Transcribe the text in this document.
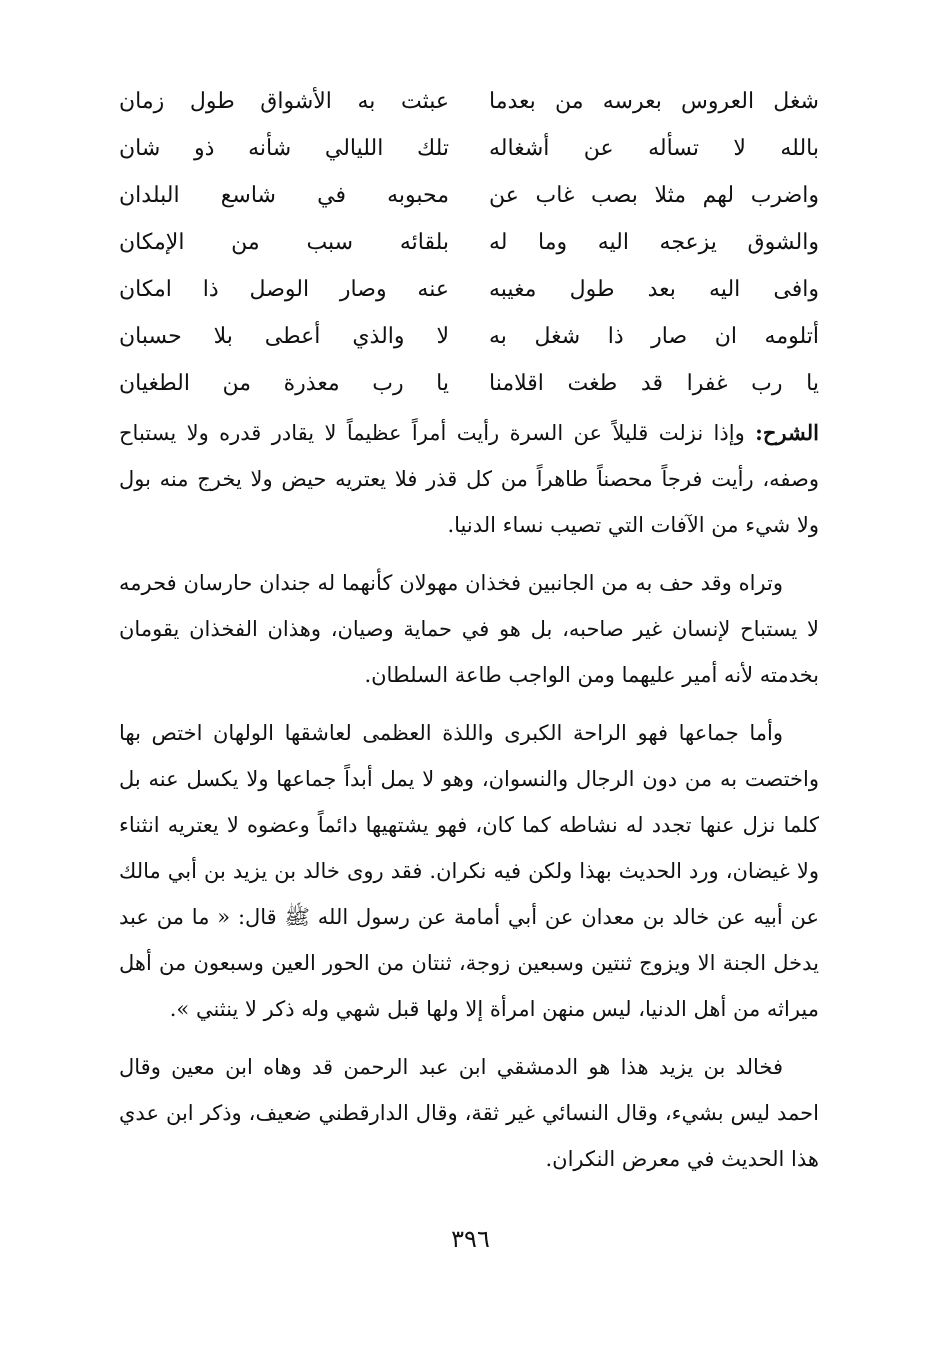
شغل العروس بعرسه من بعدما
بالله لا تسأله عن أشغاله
واضرب لهم مثلا بصب غاب عن
والشوق يزعجه اليه وما له
وافى اليه بعد طول مغيبه
أتلومه ان صار ذا شغل به
يا رب غفرا قد طغت اقلامنا
عبثت به الأشواق طول زمان
تلك الليالي شأنه ذو شان
محبوبه في شاسع البلدان
بلقائه سبب من الإمكان
عنه وصار الوصل ذا امكان
لا والذي أعطى بلا حسبان
يا رب معذرة من الطغيان

الشرح: وإذا نزلت قليلاً عن السرة رأيت أمراً عظيماً لا يقادر قدره ولا يستباح وصفه، رأيت فرجاً محصناً طاهراً من كل قذر فلا يعتريه حيض ولا يخرج منه بول ولا شيء من الآفات التي تصيب نساء الدنيا.

وتراه وقد حف به من الجانبين فخذان مهولان كأنهما له جندان حارسان فحرمه لا يستباح لإنسان غير صاحبه، بل هو في حماية وصيان، وهذان الفخذان يقومان بخدمته لأنه أمير عليهما ومن الواجب طاعة السلطان.

وأما جماعها فهو الراحة الكبرى واللذة العظمى لعاشقها الولهان اختص بها واختصت به من دون الرجال والنسوان، وهو لا يمل أبداً جماعها ولا يكسل عنه بل كلما نزل عنها تجدد له نشاطه كما كان، فهو يشتهيها دائماً وعضوه لا يعتريه انثناء ولا غيضان، ورد الحديث بهذا ولكن فيه نكران. فقد روى خالد بن يزيد بن أبي مالك عن أبيه عن خالد بن معدان عن أبي أمامة عن رسول الله ﷺ قال: « ما من عبد يدخل الجنة الا ويزوج ثنتين وسبعين زوجة، ثنتان من الحور العين وسبعون من أهل ميراثه من أهل الدنيا، ليس منهن امرأة إلا ولها قبل شهي وله ذكر لا ينثني ».

فخالد بن يزيد هذا هو الدمشقي ابن عبد الرحمن قد وهاه ابن معين وقال احمد ليس بشيء، وقال النسائي غير ثقة، وقال الدارقطني ضعيف، وذكر ابن عدي هذا الحديث في معرض النكران.

٣٩٦
